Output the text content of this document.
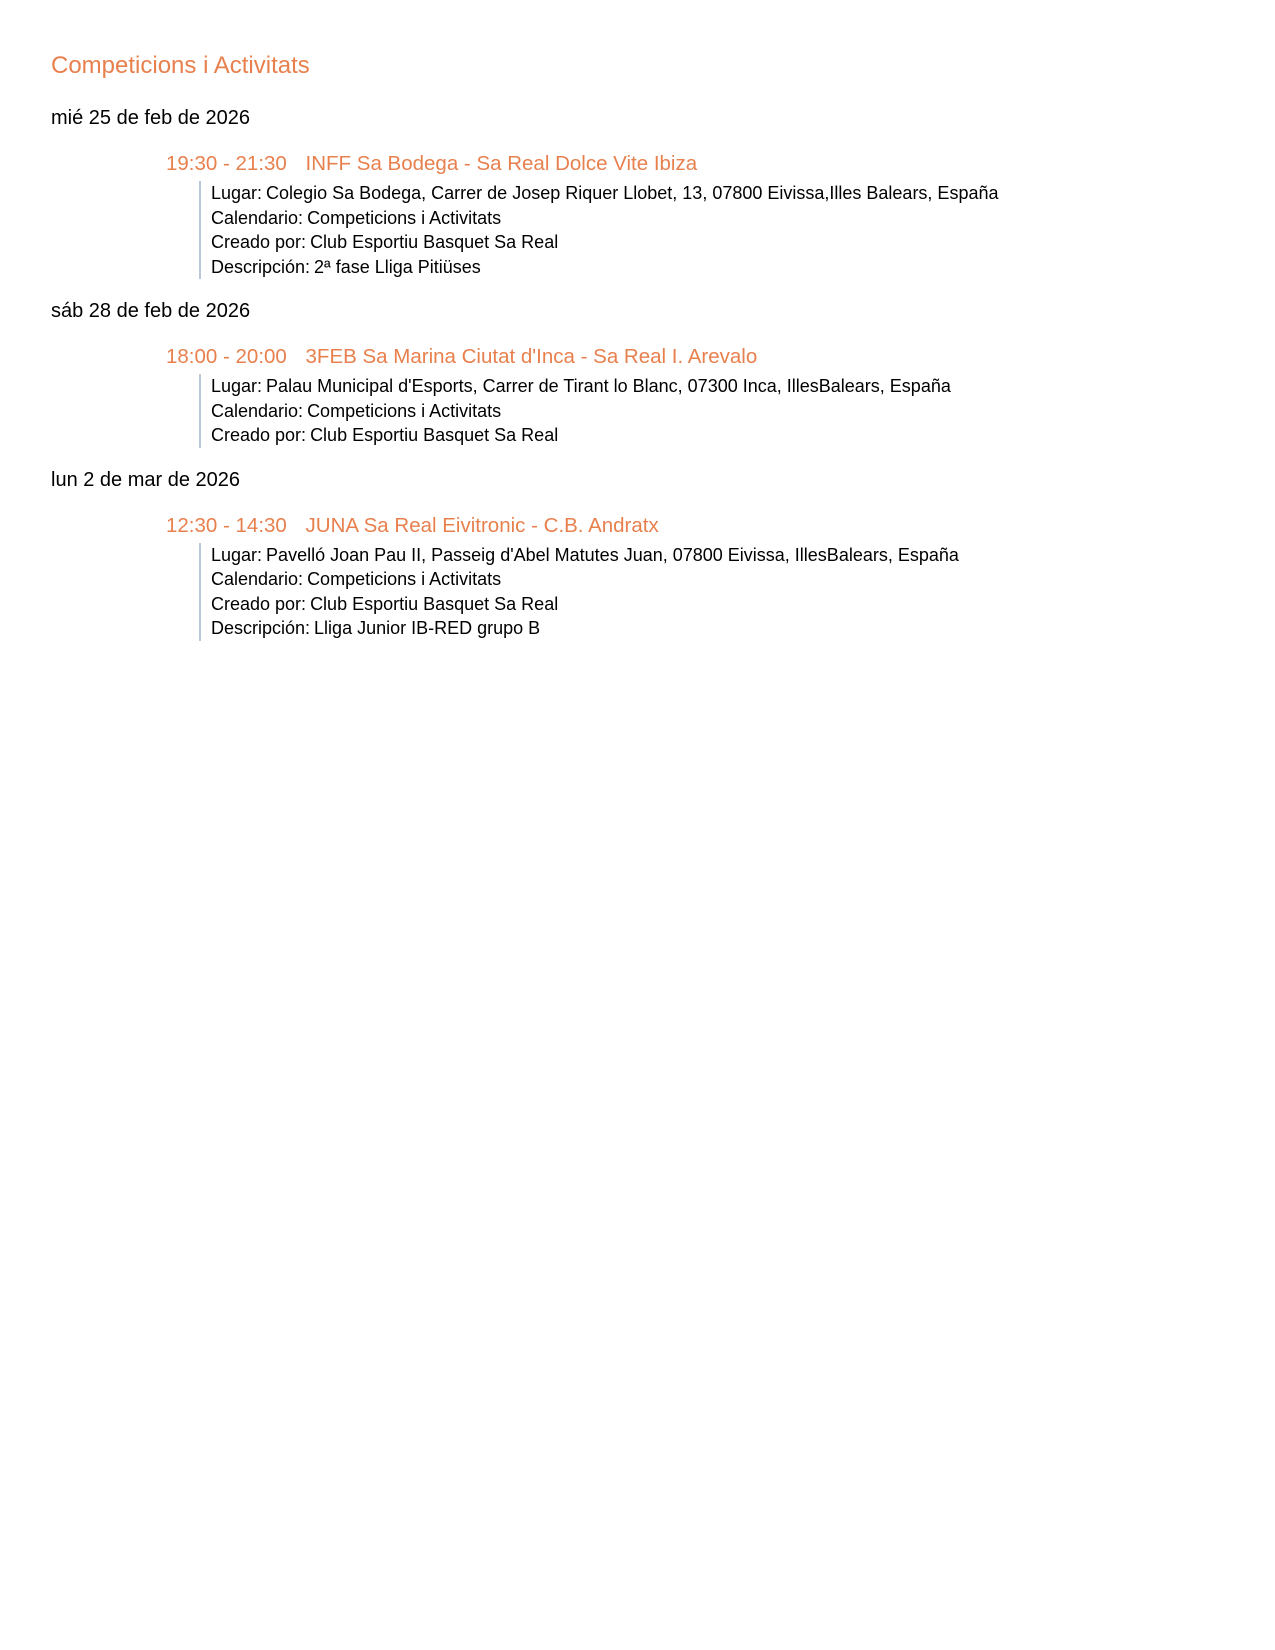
Competicions i Activitats
mié 25 de feb de 2026
19:30 - 21:30 INFF Sa Bodega - Sa Real Dolce Vite Ibiza
Lugar: Colegio Sa Bodega, Carrer de Josep Riquer Llobet, 13, 07800 Eivissa,Illes Balears, España
Calendario: Competicions i Activitats
Creado por: Club Esportiu Basquet Sa Real
Descripción: 2ª fase Lliga Pitiüses
sáb 28 de feb de 2026
18:00 - 20:00 3FEB Sa Marina Ciutat d'Inca - Sa Real I. Arevalo
Lugar: Palau Municipal d'Esports, Carrer de Tirant lo Blanc, 07300 Inca, IllesBalears, España
Calendario: Competicions i Activitats
Creado por: Club Esportiu Basquet Sa Real
lun 2 de mar de 2026
12:30 - 14:30 JUNA Sa Real Eivitronic - C.B. Andratx
Lugar: Pavelló Joan Pau II, Passeig d'Abel Matutes Juan, 07800 Eivissa, IllesBalears, España
Calendario: Competicions i Activitats
Creado por: Club Esportiu Basquet Sa Real
Descripción: Lliga Junior IB-RED grupo B
